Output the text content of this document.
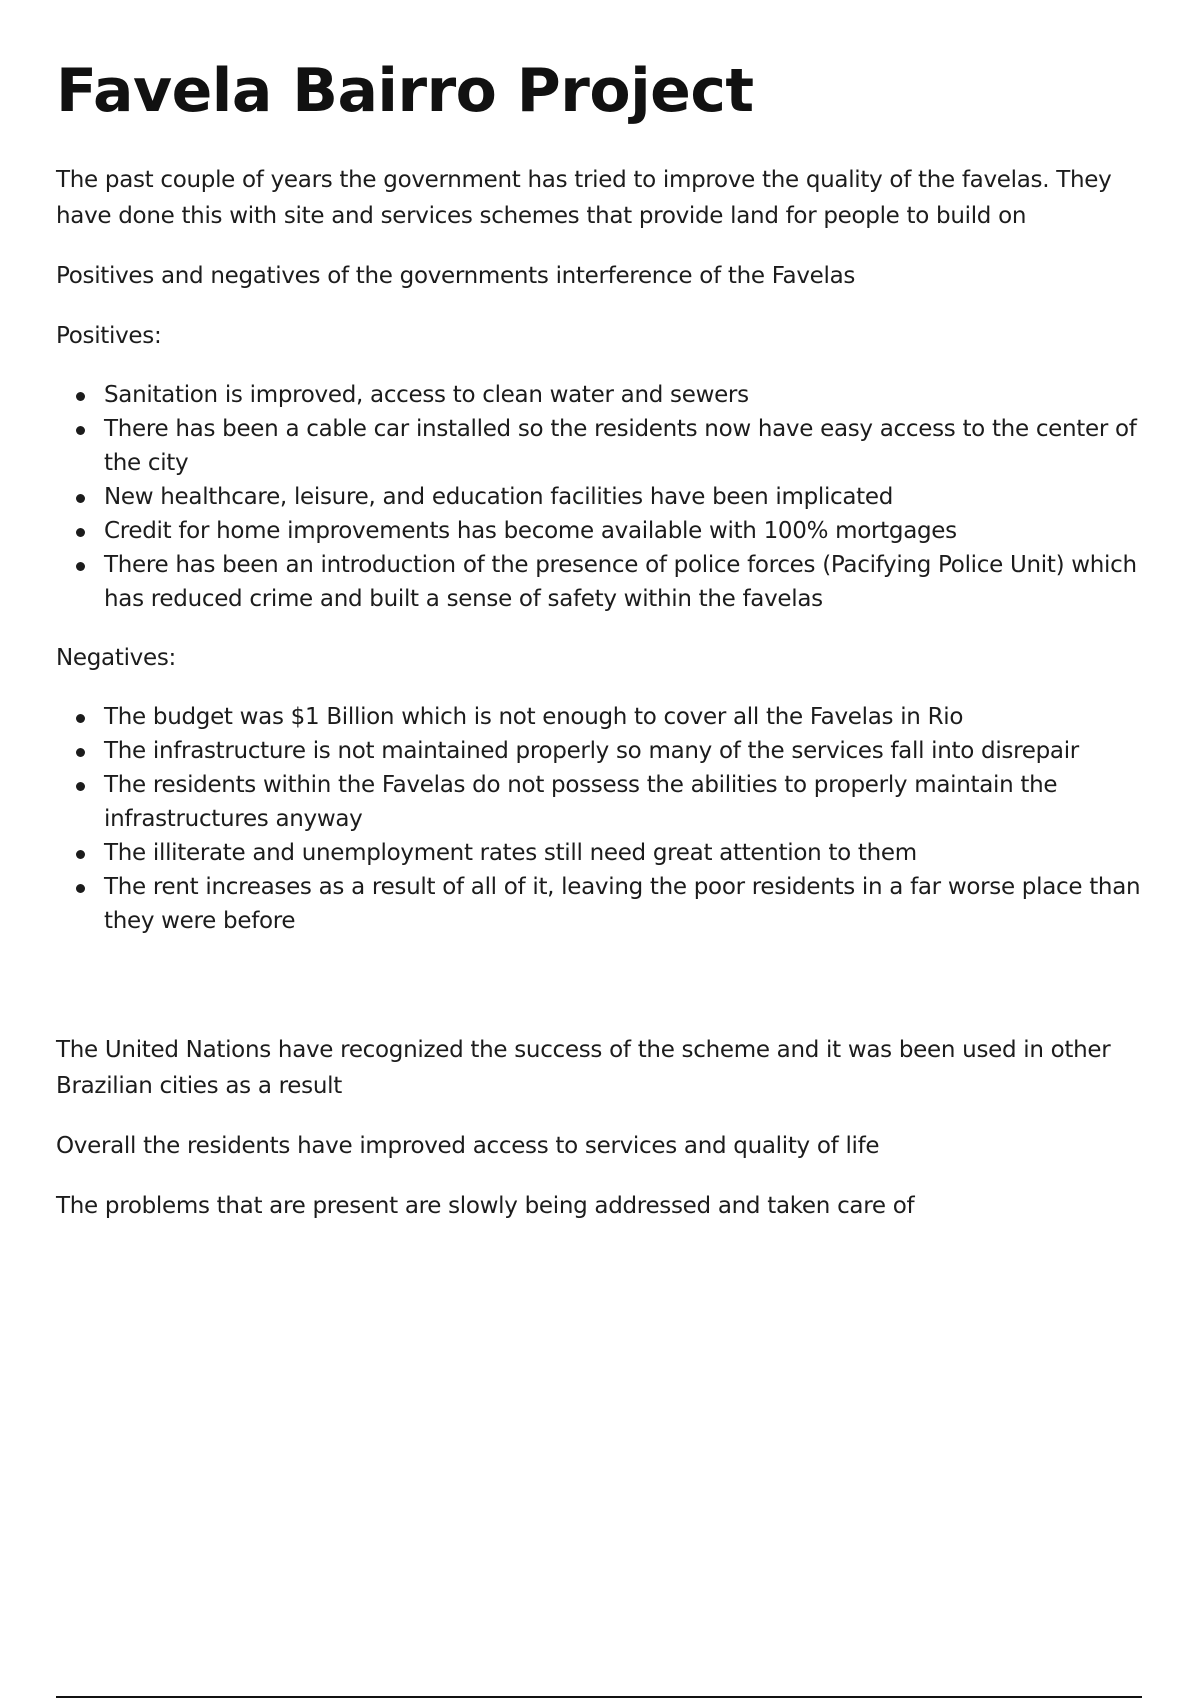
Favela Bairro Project

The past couple of years the government has tried to improve the quality of the favelas. They have done this with site and services schemes that provide land for people to build on

Positives and negatives of the governments interference of the Favelas

Positives:

Sanitation is improved, access to clean water and sewers
There has been a cable car installed so the residents now have easy access to the center of the city
New healthcare, leisure, and education facilities have been implicated
Credit for home improvements has become available with 100% mortgages
There has been an introduction of the presence of police forces (Pacifying Police Unit) which has reduced crime and built a sense of safety within the favelas

Negatives:

The budget was $1 Billion which is not enough to cover all the Favelas in Rio
The infrastructure is not maintained properly so many of the services fall into disrepair
The residents within the Favelas do not possess the abilities to properly maintain the infrastructures anyway
The illiterate and unemployment rates still need great attention to them
The rent increases as a result of all of it, leaving the poor residents in a far worse place than they were before

The United Nations have recognized the success of the scheme and it was been used in other Brazilian cities as a result

Overall the residents have improved access to services and quality of life

The problems that are present are slowly being addressed and taken care of
